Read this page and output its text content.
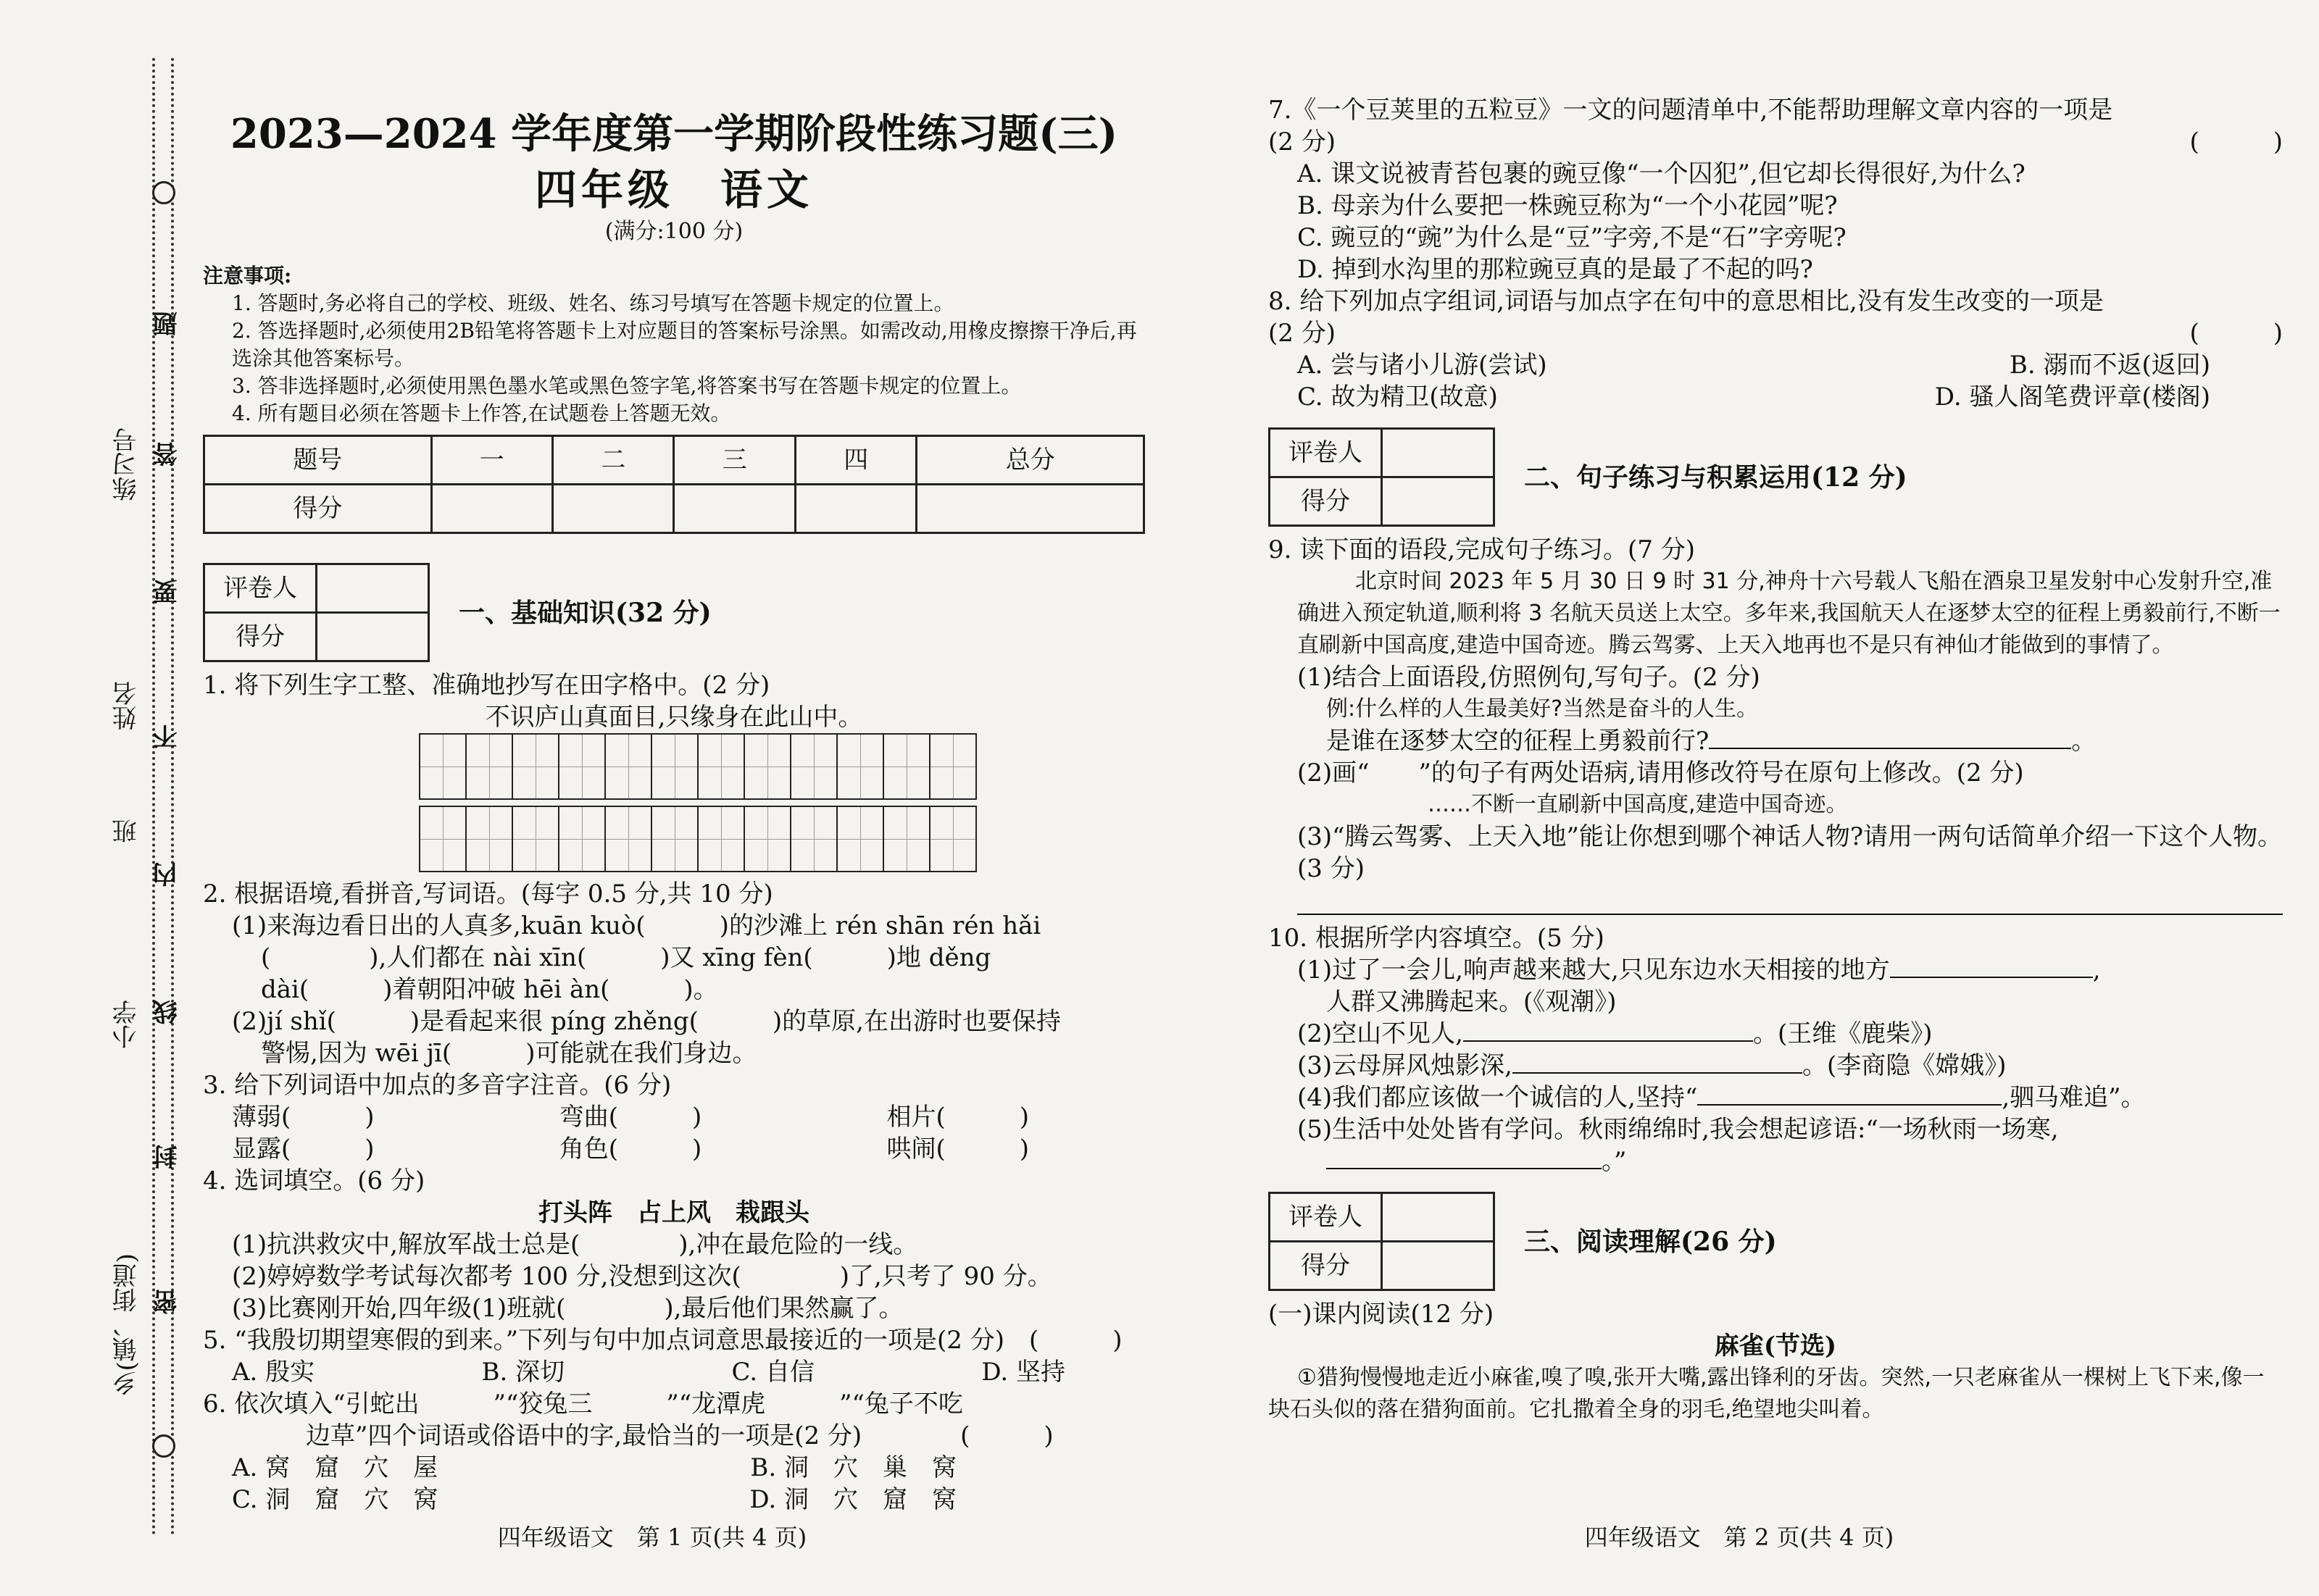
乡(镇、街道)
小学
班
姓名
练习号
密
封
线
内
不
要
答
题
2023—2024 学年度第一学期阶段性练习题(三)
四年级　语文
(满分:100 分)
注意事项:
1. 答题时,务必将自己的学校、班级、姓名、练习号填写在答题卡规定的位置上。
2. 答选择题时,必须使用2B铅笔将答题卡上对应题目的答案标号涂黑。如需改动,用橡皮擦擦干净后,再选涂其他答案标号。
3. 答非选择题时,必须使用黑色墨水笔或黑色签字笔,将答案书写在答题卡规定的位置上。
4. 所有题目必须在答题卡上作答,在试题卷上答题无效。
题号	一	二	三	四	总分
得分					
评卷人	
得分	
一、基础知识(32 分)
1. 将下列生字工整、准确地抄写在田字格中。(2 分)
不识庐山真面目,只缘身在此山中。
2. 根据语境,看拼音,写词语。(每字 0.5 分,共 10 分)
(1)来海边看日出的人真多,kuān kuò(　　　)的沙滩上 rén shān rén hǎi
(　　　　),人们都在 nài xīn(　　　)又 xīng fèn(　　　)地 děng
dài(　　　)着朝阳冲破 hēi àn(　　　)。
(2)jí shǐ(　　　)是看起来很 píng zhěng(　　　)的草原,在出游时也要保持
警惕,因为 wēi jī(　　　)可能就在我们身边。
3. 给下列词语中加点的多音字注音。(6 分)
薄弱(　　　)	弯曲(　　　)	相片(　　　)
显露(　　　)	角色(　　　)	哄闹(　　　)
4. 选词填空。(6 分)
打头阵　占上风　栽跟头
(1)抗洪救灾中,解放军战士总是(　　　　),冲在最危险的一线。
(2)婷婷数学考试每次都考 100 分,没想到这次(　　　　)了,只考了 90 分。
(3)比赛刚开始,四年级(1)班就(　　　　),最后他们果然赢了。
5. “我殷切期望寒假的到来。”下列与句中加点词意思最接近的一项是(2 分)　(　　　)
A. 殷实	B. 深切	C. 自信	D. 坚持
6. 依次填入“引蛇出　　　”“狡兔三　　　”“龙潭虎　　　”“兔子不吃
　　　边草”四个词语或俗语中的字,最恰当的一项是(2 分)　　　　(　　　)
A. 窝　窟　穴　屋	B. 洞　穴　巢　窝
C. 洞　窟　穴　窝	D. 洞　穴　窟　窝
四年级语文　第 1 页(共 4 页)
7.《一个豆荚里的五粒豆》一文的问题清单中,不能帮助理解文章内容的一项是
(2 分)	(　　　)
A. 课文说被青苔包裹的豌豆像“一个囚犯”,但它却长得很好,为什么?
B. 母亲为什么要把一株豌豆称为“一个小花园”呢?
C. 豌豆的“豌”为什么是“豆”字旁,不是“石”字旁呢?
D. 掉到水沟里的那粒豌豆真的是最了不起的吗?
8. 给下列加点字组词,词语与加点字在句中的意思相比,没有发生改变的一项是
(2 分)	(　　　)
A. 尝与诸小儿游(尝试)	B. 溺而不返(返回)
C. 故为精卫(故意)	D. 骚人阁笔费评章(楼阁)
评卷人	
得分	
二、句子练习与积累运用(12 分)
9. 读下面的语段,完成句子练习。(7 分)
北京时间 2023 年 5 月 30 日 9 时 31 分,神舟十六号载人飞船在酒泉卫星发射中心发射升空,准确进入预定轨道,顺利将 3 名航天员送上太空。多年来,我国航天人在逐梦太空的征程上勇毅前行,不断一直刷新中国高度,建造中国奇迹。腾云驾雾、上天入地再也不是只有神仙才能做到的事情了。
(1)结合上面语段,仿照例句,写句子。(2 分)
例:什么样的人生最美好?当然是奋斗的人生。
是谁在逐梦太空的征程上勇毅前行?	。
(2)画“　　”的句子有两处语病,请用修改符号在原句上修改。(2 分)
……不断一直刷新中国高度,建造中国奇迹。
(3)“腾云驾雾、上天入地”能让你想到哪个神话人物?请用一两句话简单介绍一下这个人物。(3 分)
10. 根据所学内容填空。(5 分)
(1)过了一会儿,响声越来越大,只见东边水天相接的地方	,
人群又沸腾起来。(《观潮》)
(2)空山不见人,	。(王维《鹿柴》)
(3)云母屏风烛影深,	。(李商隐《嫦娥》)
(4)我们都应该做一个诚信的人,坚持“	,驷马难追”。
(5)生活中处处皆有学问。秋雨绵绵时,我会想起谚语:“一场秋雨一场寒,
。”
评卷人	
得分	
三、阅读理解(26 分)
(一)课内阅读(12 分)
麻雀(节选)
①猎狗慢慢地走近小麻雀,嗅了嗅,张开大嘴,露出锋利的牙齿。突然,一只老麻雀从一棵树上飞下来,像一块石头似的落在猎狗面前。它扎撒着全身的羽毛,绝望地尖叫着。
四年级语文　第 2 页(共 4 页)
